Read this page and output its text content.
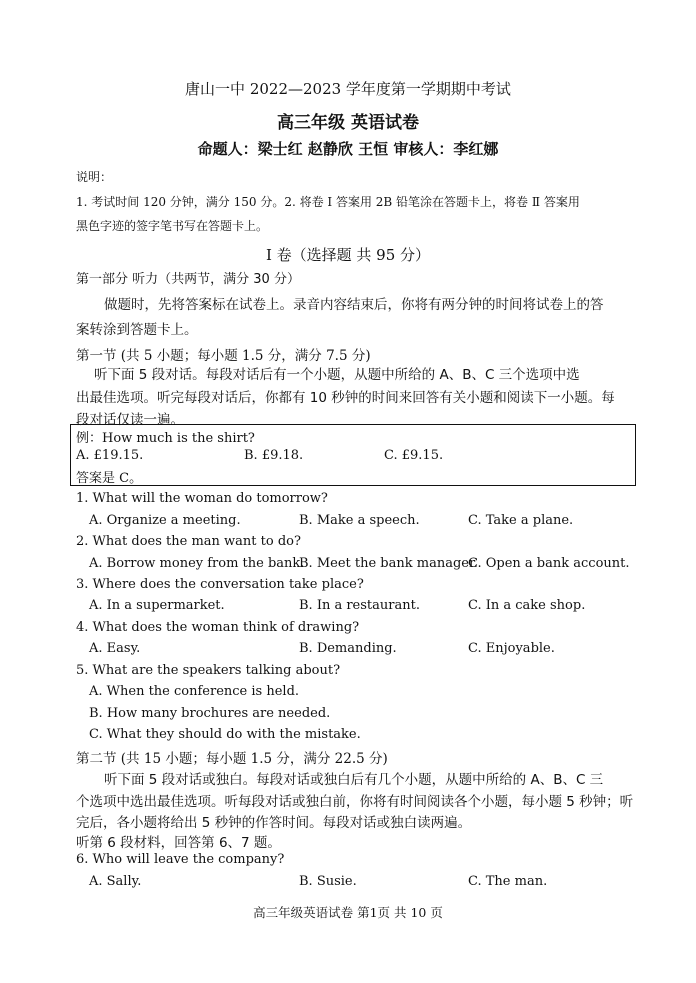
唐山一中 2022—2023 学年度第一学期期中考试
高三年级 英语试卷
命题人：梁士红 赵静欣 王恒 审核人：李红娜
说明：
1. 考试时间 120 分钟，满分 150 分。2. 将卷 Ⅰ 答案用 2B 铅笔涂在答题卡上，将卷 Ⅱ 答案用
黑色字迹的签字笔书写在答题卡上。
Ⅰ 卷（选择题 共 95 分）
第一部分 听力（共两节，满分 30 分）
做题时，先将答案标在试卷上。录音内容结束后，你将有两分钟的时间将试卷上的答
案转涂到答题卡上。
第一节 (共 5 小题；每小题 1.5 分，满分 7.5 分)
听下面 5 段对话。每段对话后有一个小题，从题中所给的 A、B、C 三个选项中选
出最佳选项。听完每段对话后，你都有 10 秒钟的时间来回答有关小题和阅读下一小题。每
段对话仅读一遍。
例：How much is the shirt?
A. £19.15.	B. £9.18.	C. £9.15.
答案是 C。
1. What will the woman do tomorrow?
A. Organize a meeting.	B. Make a speech.	C. Take a plane.
2. What does the man want to do?
A. Borrow money from the bank.
B. Meet the bank manager.
C. Open a bank account.
3. Where does the conversation take place?
A. In a supermarket.	B. In a restaurant.	C. In a cake shop.
4. What does the woman think of drawing?
A. Easy.	B. Demanding.	C. Enjoyable.
5. What are the speakers talking about?
A. When the conference is held.
B. How many brochures are needed.
C. What they should do with the mistake.
第二节 (共 15 小题；每小题 1.5 分，满分 22.5 分)
听下面 5 段对话或独白。每段对话或独白后有几个小题，从题中所给的 A、B、C 三
个选项中选出最佳选项。听每段对话或独白前，你将有时间阅读各个小题，每小题 5 秒钟；听
完后，各小题将给出 5 秒钟的作答时间。每段对话或独白读两遍。
听第 6 段材料，回答第 6、7 题。
6. Who will leave the company?
A. Sally.	B. Susie.	C. The man.
高三年级英语试卷 第1页 共 10 页
